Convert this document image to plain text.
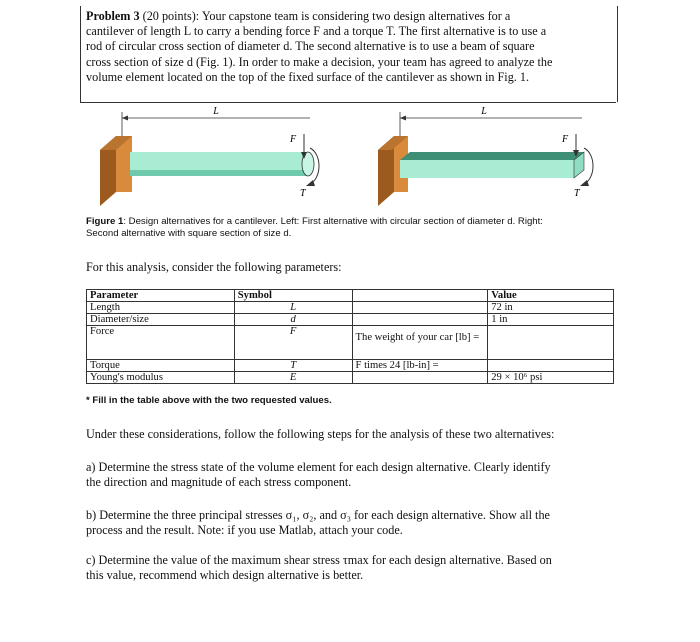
Problem 3 (20 points): Your capstone team is considering two design alternatives for a
cantilever of length L to carry a bending force F and a torque T. The first alternative is to use a
rod of circular cross section of diameter d. The second alternative is to use a beam of square
cross section of size d (Fig. 1). In order to make a decision, your team has agreed to analyze the
volume element located on the top of the fixed surface of the cantilever as shown in Fig. 1.
L
F
T
L
F
T
Figure 1: Design alternatives for a cantilever. Left: First alternative with circular section of diameter d. Right:
Second alternative with square section of size d.
For this analysis, consider the following parameters:
Parameter	Symbol		Value
Length	L		72 in
Diameter/size	d		1 in
Force	F	The weight of your car [lb] =	
Torque	T	F times 24 [lb-in] =	
Young's modulus	E		29 × 10⁶ psi
* Fill in the table above with the two requested values.
Under these considerations, follow the following steps for the analysis of these two alternatives:
a) Determine the stress state of the volume element for each design alternative. Clearly identify
the direction and magnitude of each stress component.
b) Determine the three principal stresses σ₁, σ₂, and σ₃ for each design alternative. Show all the
process and the result. Note: if you use Matlab, attach your code.
c) Determine the value of the maximum shear stress τmax for each design alternative. Based on
this value, recommend which design alternative is better.
